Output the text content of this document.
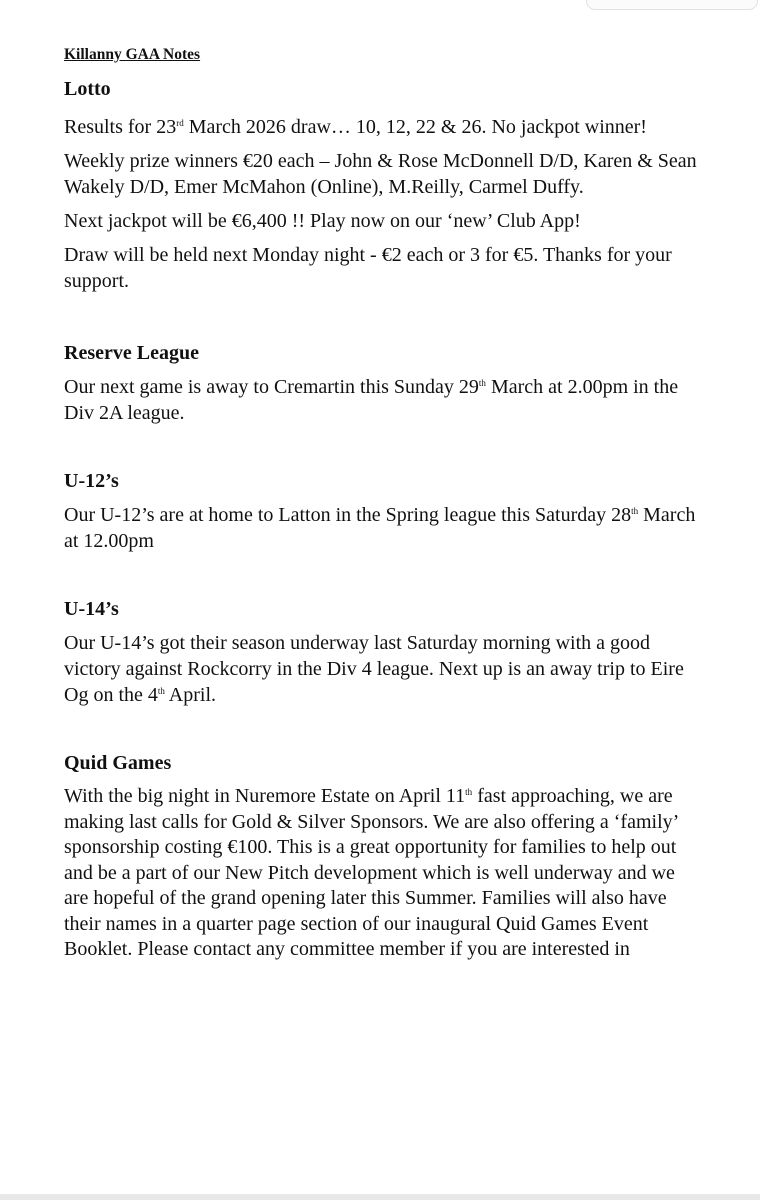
Killanny GAA Notes
Lotto

Results for 23rd March 2026 draw… 10, 12, 22 & 26. No jackpot winner!

Weekly prize winners €20 each – John & Rose McDonnell D/D, Karen & Sean Wakely D/D, Emer McMahon (Online), M.Reilly, Carmel Duffy.

Next jackpot will be €6,400 !! Play now on our ‘new’ Club App!

Draw will be held next Monday night - €2 each or 3 for €5. Thanks for your support.

Reserve League

Our next game is away to Cremartin this Sunday 29th March at 2.00pm in the Div 2A league.

U-12’s

Our U-12’s are at home to Latton in the Spring league this Saturday 28th March at 12.00pm

U-14’s

Our U-14’s got their season underway last Saturday morning with a good victory against Rockcorry in the Div 4 league. Next up is an away trip to Eire Og on the 4th April.

Quid Games

With the big night in Nuremore Estate on April 11th fast approaching, we are making last calls for Gold & Silver Sponsors. We are also offering a ‘family’ sponsorship costing €100. This is a great opportunity for families to help out and be a part of our New Pitch development which is well underway and we are hopeful of the grand opening later this Summer. Families will also have their names in a quarter page section of our inaugural Quid Games Event Booklet. Please contact any committee member if you are interested in
